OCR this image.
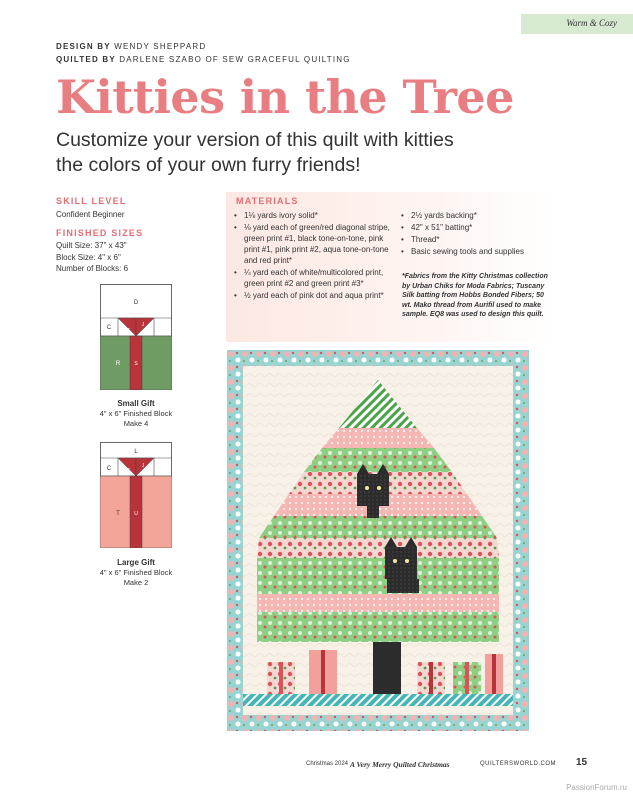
Warm & Cozy
DESIGN BY WENDY SHEPPARD
QUILTED BY DARLENE SZABO OF SEW GRACEFUL QUILTING
Kitties in the Tree
Customize your version of this quilt with kitties
the colors of your own furry friends!
SKILL LEVEL
Confident Beginner
FINISHED SIZES
Quilt Size: 37" x 43"
Block Size: 4" x 6"
Number of Blocks: 6
MATERIALS
• 1⅛ yards ivory solid*
• ⅛ yard each of green/red diagonal stripe, green print #1, black tone-on-tone, pink print #1, pink print #2, aqua tone-on-tone and red print*
• ¼ yard each of white/multicolored print, green print #2 and green print #3*
• ½ yard each of pink dot and aqua print*
• 2½ yards backing*
• 42" x 51" batting*
• Thread*
• Basic sewing tools and supplies
*Fabrics from the Kitty Christmas collection by Urban Chiks for Moda Fabrics; Tuscany Silk batting from Hobbs Bonded Fibers; 50 wt. Mako thread from Aurifil used to make sample. EQ8 was used to design this quilt.
D
C	C
J
R	S
Small Gift
4" x 6" Finished Block
Make 4
L
C	C
J
T	U
Large Gift
4" x 6" Finished Block
Make 2
Christmas 2024 A Very Merry Quilted Christmas	QUILTERSWORLD.COM 15
PassionForum.ru
